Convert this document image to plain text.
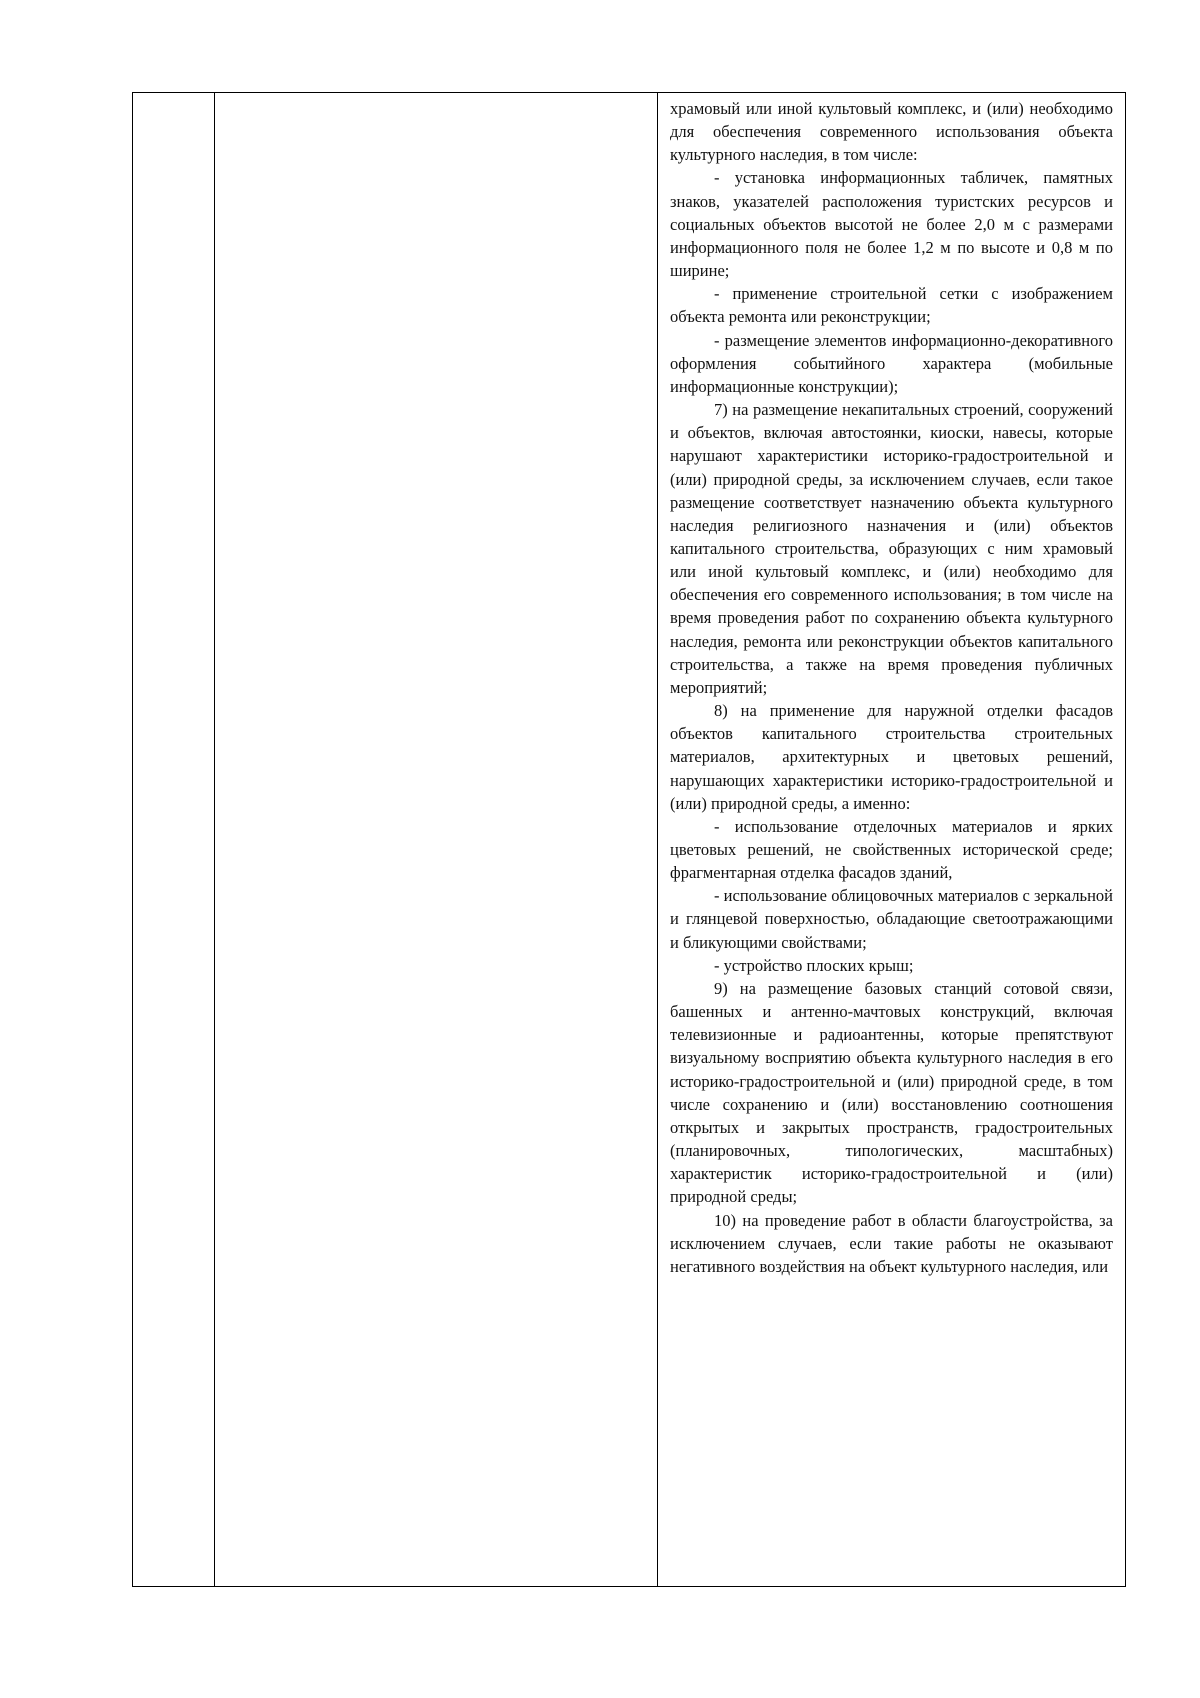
храмовый или иной культовый комплекс, и (или) необходимо для обеспечения современного использования объекта культурного наследия, в том числе:

- установка информационных табличек, памятных знаков, указателей расположения туристских ресурсов и социальных объектов высотой не более 2,0 м с размерами информационного поля не более 1,2 м по высоте и 0,8 м по ширине;

- применение строительной сетки с изображением объекта ремонта или реконструкции;

- размещение элементов информационно-декоративного оформления событийного характера (мобильные информационные конструкции);

7) на размещение некапитальных строений, сооружений и объектов, включая автостоянки, киоски, навесы, которые нарушают характеристики историко-градостроительной и (или) природной среды, за исключением случаев, если такое размещение соответствует назначению объекта культурного наследия религиозного назначения и (или) объектов капитального строительства, образующих с ним храмовый или иной культовый комплекс, и (или) необходимо для обеспечения его современного использования; в том числе на время проведения работ по сохранению объекта культурного наследия, ремонта или реконструкции объектов капитального строительства, а также на время проведения публичных мероприятий;

8) на применение для наружной отделки фасадов объектов капитального строительства строительных материалов, архитектурных и цветовых решений, нарушающих характеристики историко-градостроительной и (или) природной среды, а именно:

- использование отделочных материалов и ярких цветовых решений, не свойственных исторической среде; фрагментарная отделка фасадов зданий,

- использование облицовочных материалов с зеркальной и глянцевой поверхностью, обладающие светоотражающими и бликующими свойствами;

- устройство плоских крыш;

9) на размещение базовых станций сотовой связи, башенных и антенно-мачтовых конструкций, включая телевизионные и радиоантенны, которые препятствуют визуальному восприятию объекта культурного наследия в его историко-градостроительной и (или) природной среде, в том числе сохранению и (или) восстановлению соотношения открытых и закрытых пространств, градостроительных (планировочных, типологических, масштабных) характеристик историко-градостроительной и (или) природной среды;

10) на проведение работ в области благоустройства, за исключением случаев, если такие работы не оказывают негативного воздействия на объект культурного наследия, или
